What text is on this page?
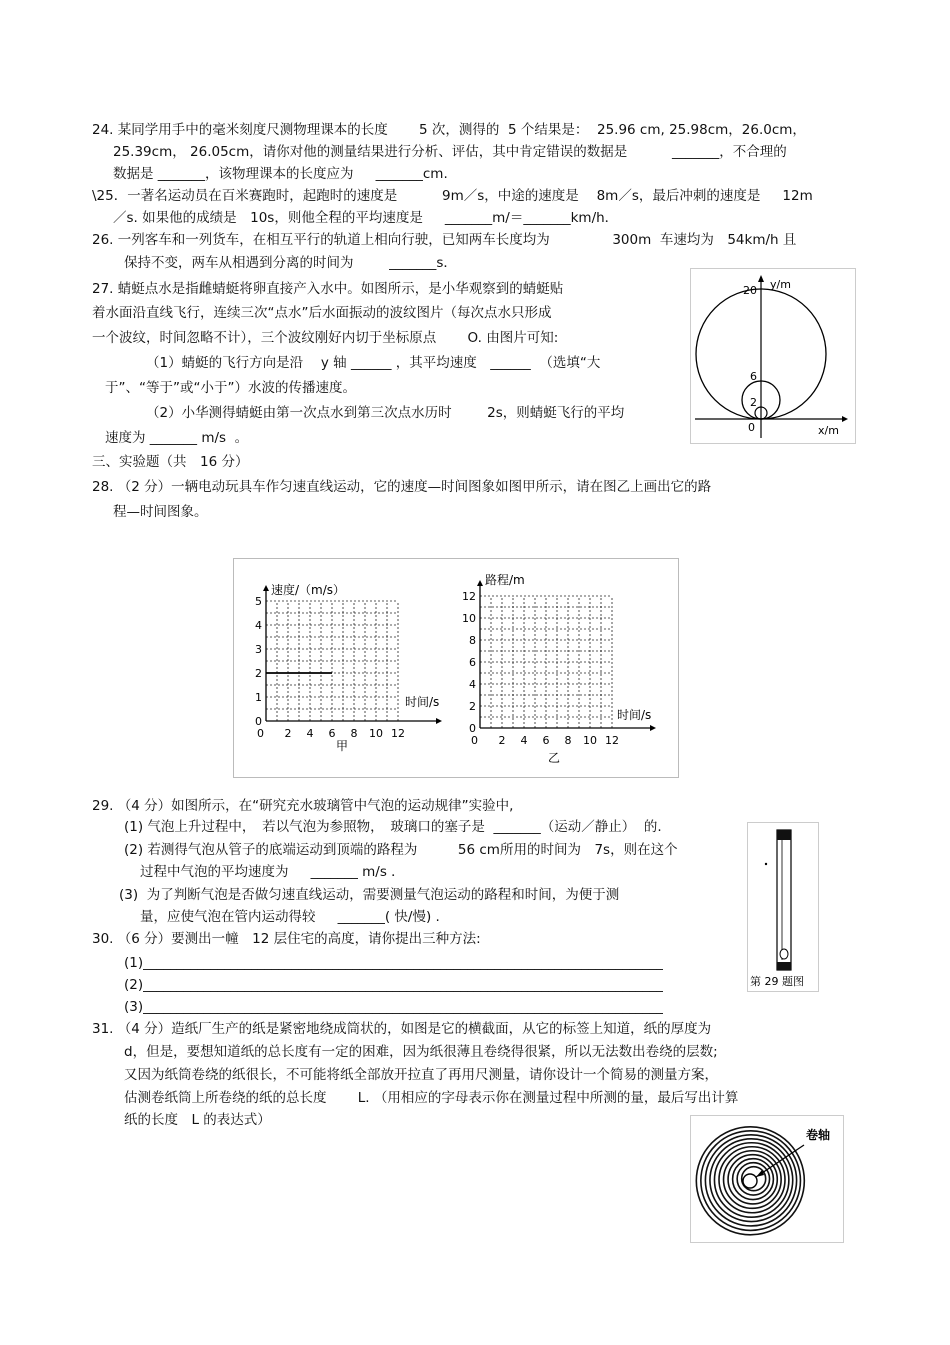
24. 某同学用手中的毫米刻度尺测物理课本的长度　　 5 次，测得的  5 个结果是：  25.96 cm, 25.98cm，26.0cm，
25.39cm， 26.05cm，请你对他的测量结果进行分析、评估，其中肯定错误的数据是　　　 _______，不合理的
数据是 _______，该物理课本的长度应为　  _______cm.
\25．一著名运动员在百米赛跑时，起跑时的速度是　　　 9m／s，中途的速度是　 8m／s，最后冲刺的速度是　  12m
／s. 如果他的成绩是　10s，则他全程的平均速度是　  _______m/＝_______km/h．
26. 一列客车和一列货车，在相互平行的轨道上相向行驶，已知两车长度均为　　　　  300m  车速均为　54km/h 且
保持不变，两车从相遇到分离的时间为　　  _______s．
27. 蜻蜓点水是指雌蜻蜓将卵直接产入水中。如图所示，是小华观察到的蜻蜓贴
着水面沿直线飞行，连续三次“点水”后水面振动的波纹图片（每次点水只形成
一个波纹，时间忽略不计），三个波纹刚好内切于坐标原点　　 O. 由图片可知:
（1）蜻蜓的飞行方向是沿　 y 轴 ______ ，其平均速度　______  （选填“大
于”、“等于”或“小于”）水波的传播速度。
（2）小华测得蜻蜓由第一次点水到第三次点水历时　　  2s，则蜻蜓飞行的平均
速度为 _______ m/s  。
三、实验题（共　16 分）
28. （2 分）一辆电动玩具车作匀速直线运动，它的速度—时间图象如图甲所示，请在图乙上画出它的路
程—时间图象。
29. （4 分）如图所示，在“研究充水玻璃管中气泡的运动规律”实验中,
(1) 气泡上升过程中，　若以气泡为参照物，　玻璃口的塞子是  _______（运动／静止）  的.
(2) 若测得气泡从管子的底端运动到顶端的路程为　　　56 cm所用的时间为　7s，则在这个
过程中气泡的平均速度为　  _______ m/s ．
(3)  为了判断气泡是否做匀速直线运动，需要测量气泡运动的路程和时间，为便于测
量，应使气泡在管内运动得较　  _______( 快/慢) .
30. （6 分）要测出一幢　12 层住宅的高度，请你提出三种方法:
(1)_____________________________________________________________________________
(2)_____________________________________________________________________________
(3)_____________________________________________________________________________
31. （4 分）造纸厂生产的纸是紧密地绕成筒状的，如图是它的横截面，从它的标签上知道，纸的厚度为
d，但是，要想知道纸的总长度有一定的困难，因为纸很薄且卷绕得很紧，所以无法数出卷绕的层数;
又因为纸筒卷绕的纸很长，不可能将纸全部放开拉直了再用尺测量，请你设计一个简易的测量方案，
估测卷纸筒上所卷绕的纸的总长度　　 L. （用相应的字母表示你在测量过程中所测的量，最后写出计算
纸的长度　L 的表达式）
y/m
x/m
20
6
2
0
速度/（m/s）
时间/s
甲
5
4
3
2
1
0
0 2 4 6 8 10 12
路程/m
时间/s
乙
12
10
8
6
4
2
0
0 2 4 6 8 10 12
第 29 题图
卷轴
